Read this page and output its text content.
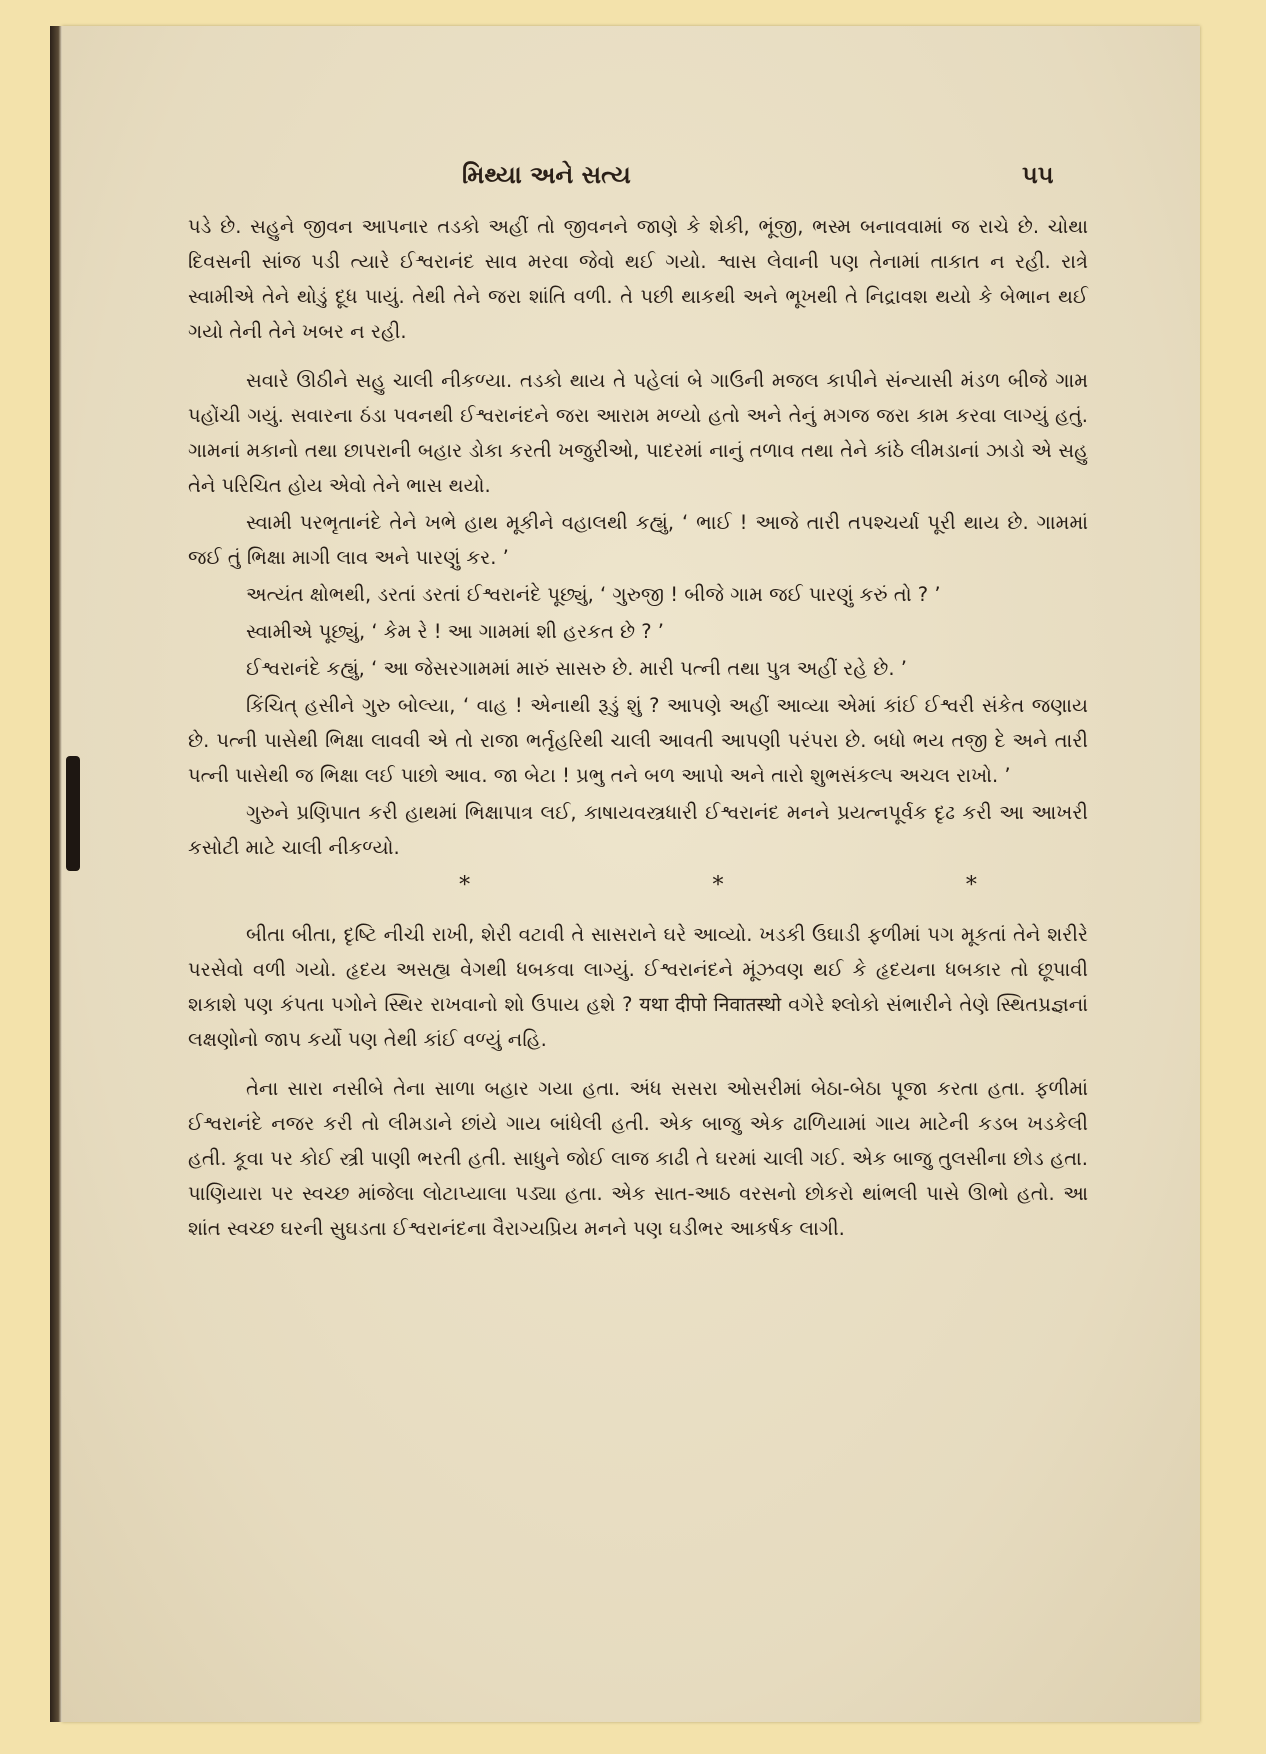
મિથ્યા અને સત્ય	૫૫

પડે છે. સહુને જીવન આપનાર તડકો અહીં તો જીવનને જાણે કે શેકી, ભૂંજી, ભસ્મ બનાવવામાં જ રાચે છે. ચોથા દિવસની સાંજ પડી ત્યારે ઈશ્વરાનંદ સાવ મરવા જેવો થઈ ગયો. શ્વાસ લેવાની પણ તેનામાં તાકાત ન રહી. રાત્રે સ્વામીએ તેને થોડું દૂધ પાયું. તેથી તેને જરા શાંતિ વળી. તે પછી થાકથી અને ભૂખથી તે નિદ્રાવશ થયો કે બેભાન થઈ ગયો તેની તેને ખબર ન રહી.

સવારે ઊઠીને સહુ ચાલી નીકળ્યા. તડકો થાય તે પહેલાં બે ગાઉની મજલ કાપીને સંન્યાસી મંડળ બીજે ગામ પહોંચી ગયું. સવારના ઠંડા પવનથી ઈશ્વરાનંદને જરા આરામ મળ્યો હતો અને તેનું મગજ જરા કામ કરવા લાગ્યું હતું. ગામનાં મકાનો તથા છાપરાની બહાર ડોકા કરતી ખજુરીઓ, પાદરમાં નાનું તળાવ તથા તેને કાંઠે લીમડાનાં ઝાડો એ સહુ તેને પરિચિત હોય એવો તેને ભાસ થયો.

સ્વામી પરભૃતાનંદે તેને ખભે હાથ મૂકીને વહાલથી કહ્યું, ‘ ભાઈ ! આજે તારી તપશ્ચર્યા પૂરી થાય છે. ગામમાં જઈ તું ભિક્ષા માગી લાવ અને પારણું કર. ’

અત્યંત ક્ષોભથી, ડરતાં ડરતાં ઈશ્વરાનંદે પૂછ્યું, ‘ ગુરુજી ! બીજે ગામ જઈ પારણું કરું તો ? ’

સ્વામીએ પૂછ્યું, ‘ કેમ રે ! આ ગામમાં શી હરકત છે ? ’

ઈશ્વરાનંદે કહ્યું, ‘ આ જેસરગામમાં મારું સાસરુ છે. મારી પત્ની તથા પુત્ર અહીં રહે છે. ’

કિંચિત્ હસીને ગુરુ બોલ્યા, ‘ વાહ ! એનાથી રૂડું શું ? આપણે અહીં આવ્યા એમાં કાંઈ ઈશ્વરી સંકેત જણાય છે. પત્ની પાસેથી ભિક્ષા લાવવી એ તો રાજા ભર્તૃહરિથી ચાલી આવતી આપણી પરંપરા છે. બધો ભય તજી દે અને તારી પત્ની પાસેથી જ ભિક્ષા લઈ પાછો આવ. જા બેટા ! પ્રભુ તને બળ આપો અને તારો શુભસંકલ્પ અચલ રાખો. ’

ગુરુને પ્રણિપાત કરી હાથમાં ભિક્ષાપાત્ર લઈ, કાષાયવસ્ત્રધારી ઈશ્વરાનંદ મનને પ્રયત્નપૂર્વક દૃઢ કરી આ આખરી કસોટી માટે ચાલી નીકળ્યો.

*	*	*

બીતા બીતા, દૃષ્ટિ નીચી રાખી, શેરી વટાવી તે સાસરાને ઘરે આવ્યો. ખડકી ઉઘાડી ફળીમાં પગ મૂકતાં તેને શરીરે પરસેવો વળી ગયો. હૃદય અસહ્ય વેગથી ધબકવા લાગ્યું. ઈશ્વરાનંદને મૂંઝવણ થઈ કે હૃદયના ધબકાર તો છૂપાવી શકાશે પણ કંપતા પગોને સ્થિર રાખવાનો શો ઉપાય હશે ? यथा दीपो निवातस्थो વગેરે શ્લોકો સંભારીને તેણે સ્થિતપ્રજ્ઞનાં લક્ષણોનો જાપ કર્યો પણ તેથી કાંઈ વળ્યું નહિ.

તેના સારા નસીબે તેના સાળા બહાર ગયા હતા. અંધ સસરા ઓસરીમાં બેઠા-બેઠા પૂજા કરતા હતા. ફળીમાં ઈશ્વરાનંદે નજર કરી તો લીમડાને છાંયે ગાય બાંધેલી હતી. એક બાજુ એક ઢાળિયામાં ગાય માટેની કડબ ખડકેલી હતી. કૂવા પર કોઈ સ્ત્રી પાણી ભરતી હતી. સાધુને જોઈ લાજ કાઢી તે ઘરમાં ચાલી ગઈ. એક બાજુ તુલસીના છોડ હતા. પાણિયારા પર સ્વચ્છ માંજેલા લોટાપ્યાલા પડ્યા હતા. એક સાત-આઠ વરસનો છોકરો થાંભલી પાસે ઊભો હતો. આ શાંત સ્વચ્છ ઘરની સુઘડતા ઈશ્વરાનંદના વૈરાગ્યપ્રિય મનને પણ ઘડીભર આકર્ષક લાગી.
